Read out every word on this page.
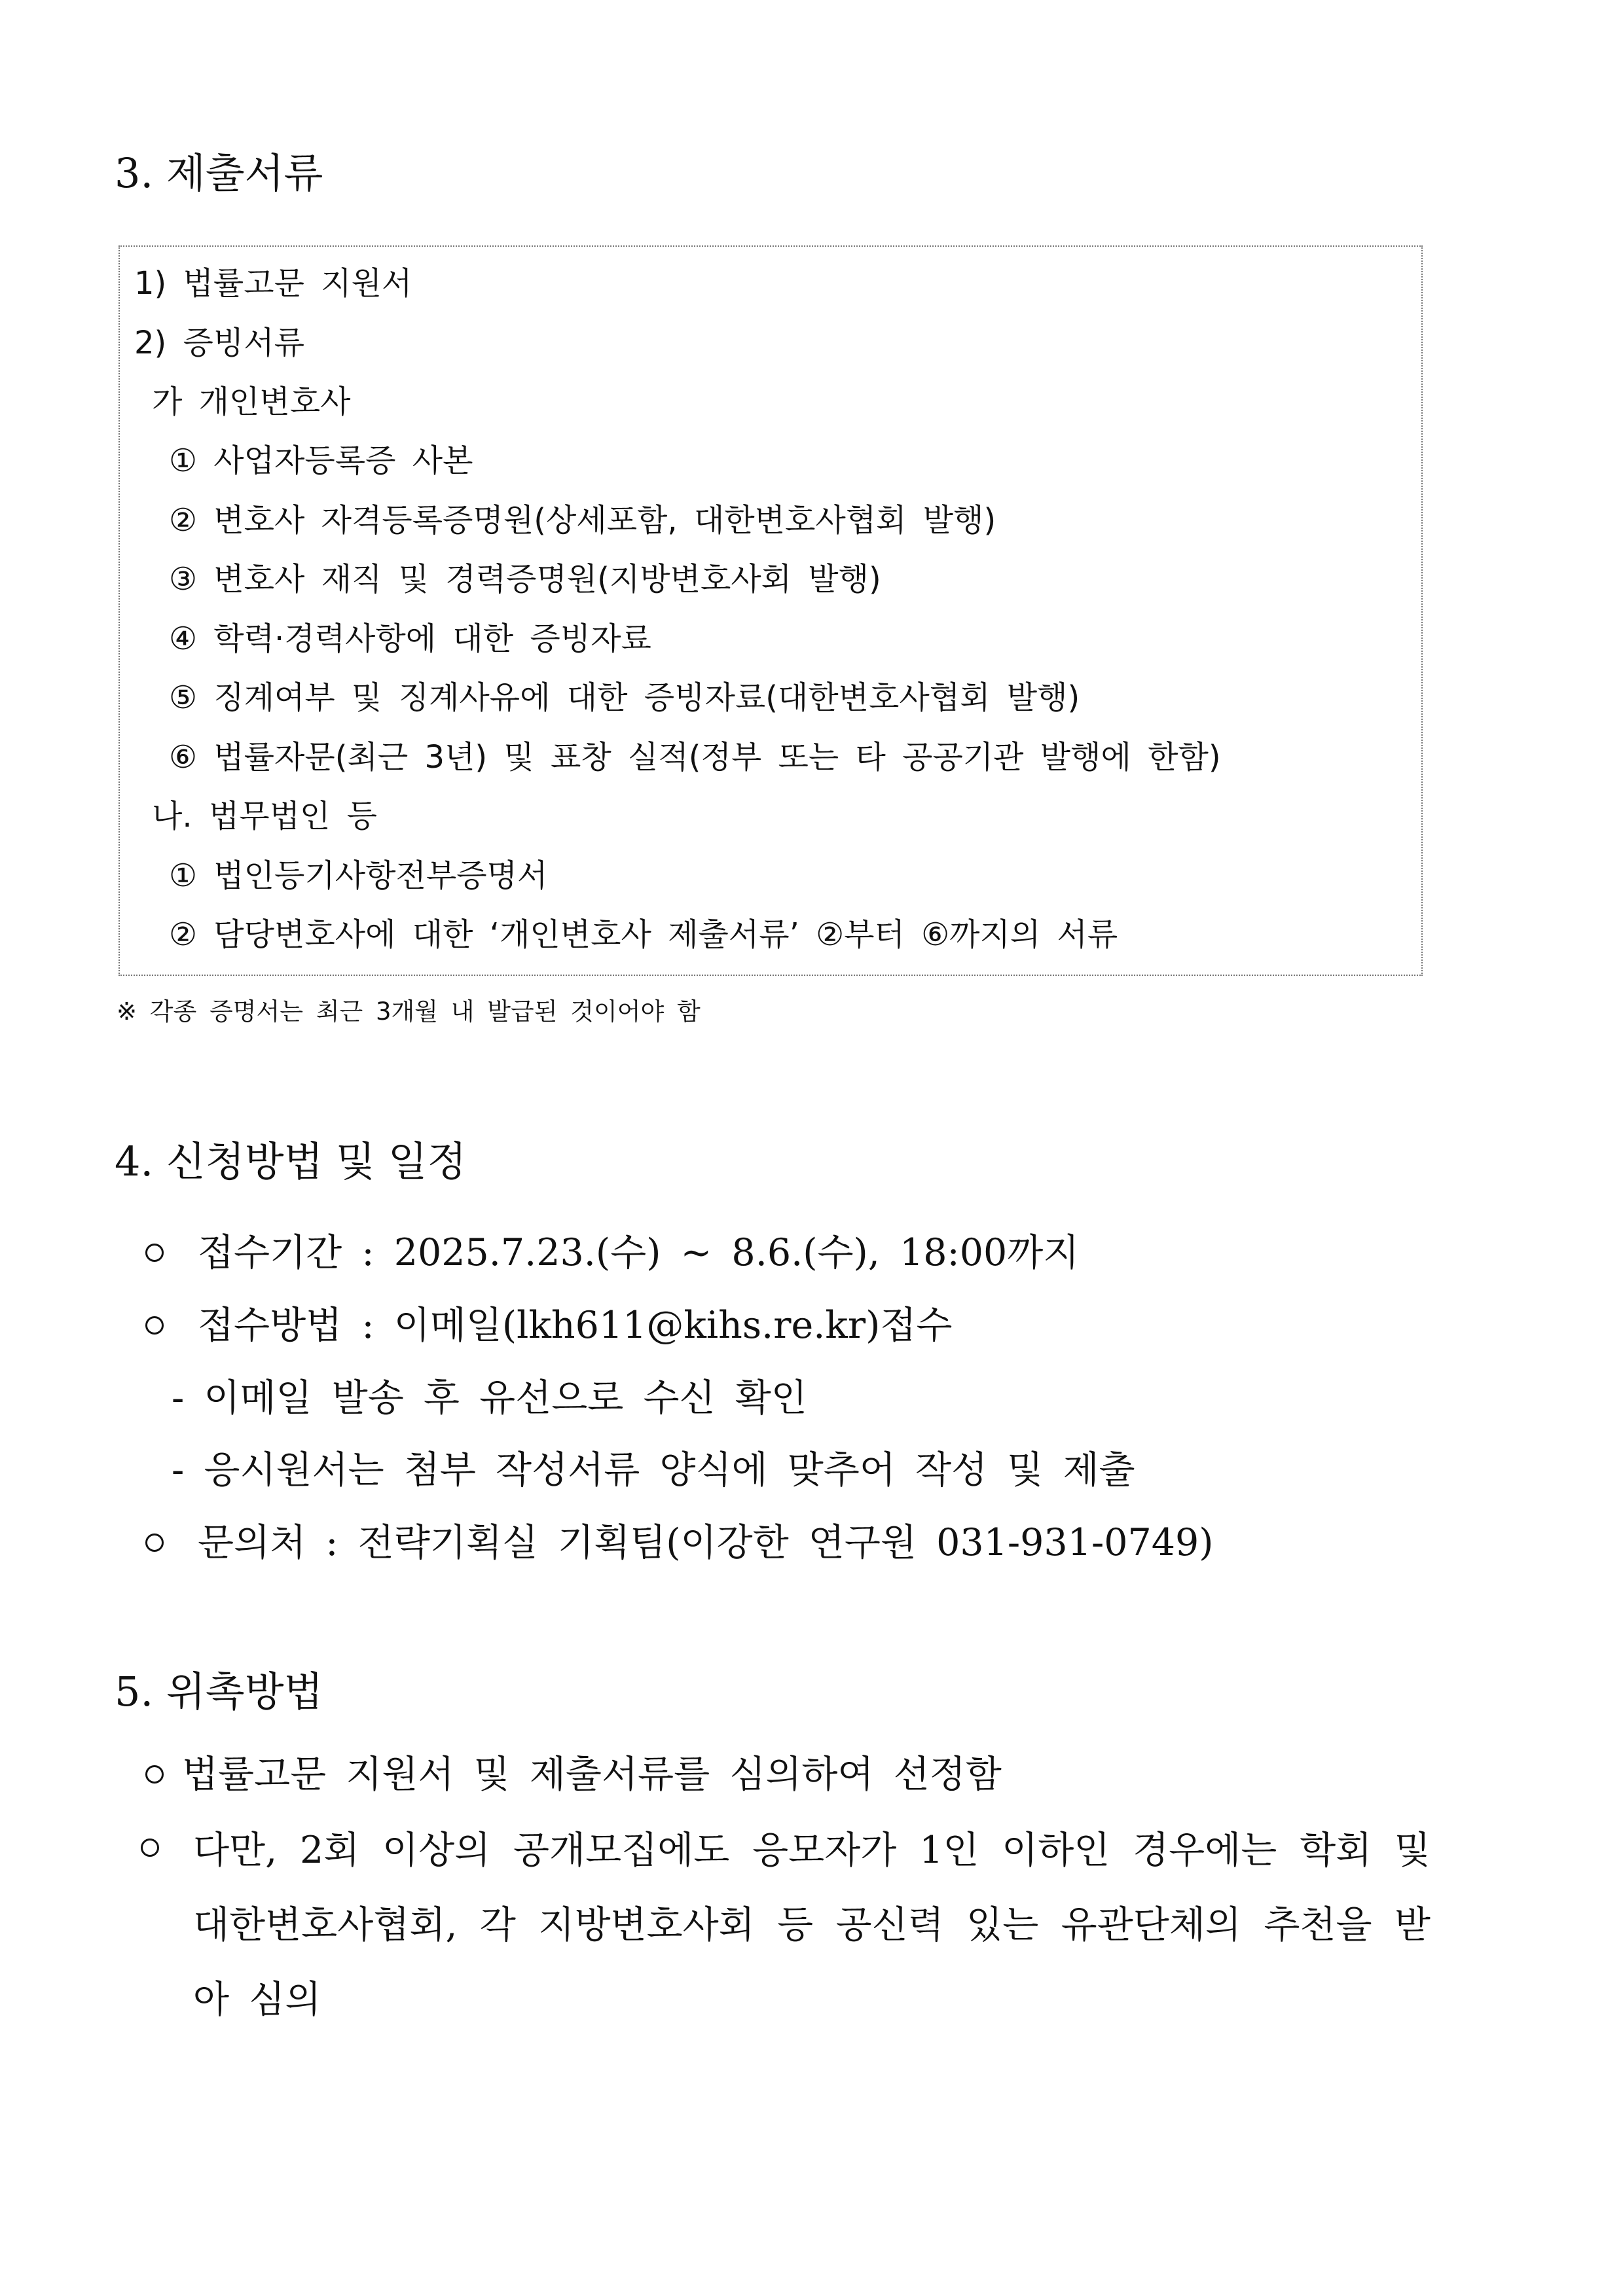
3. 제출서류
1) 법률고문 지원서
2) 증빙서류
가 개인변호사
① 사업자등록증 사본
② 변호사 자격등록증명원(상세포함, 대한변호사협회 발행)
③ 변호사 재직 및 경력증명원(지방변호사회 발행)
④ 학력·경력사항에 대한 증빙자료
⑤ 징계여부 및 징계사유에 대한 증빙자료(대한변호사협회 발행)
⑥ 법률자문(최근 3년) 및 표창 실적(정부 또는 타 공공기관 발행에 한함)
나. 법무법인 등
① 법인등기사항전부증명서
② 담당변호사에 대한 ‘개인변호사 제출서류’ ②부터 ⑥까지의 서류
※ 각종 증명서는 최근 3개월 내 발급된 것이어야 함
4. 신청방법 및 일정
접수기간 : 2025.7.23.(수) ~ 8.6.(수), 18:00까지
접수방법 : 이메일(lkh611@kihs.re.kr)접수
- 이메일 발송 후 유선으로 수신 확인
- 응시원서는 첨부 작성서류 양식에 맞추어 작성 및 제출
문의처 : 전략기획실 기획팀(이강한 연구원 031-931-0749)
5. 위촉방법
법률고문 지원서 및 제출서류를 심의하여 선정함
다만, 2회 이상의 공개모집에도 응모자가 1인 이하인 경우에는 학회 및 대한변호사협회, 각 지방변호사회 등 공신력 있는 유관단체의 추천을 받아 심의
